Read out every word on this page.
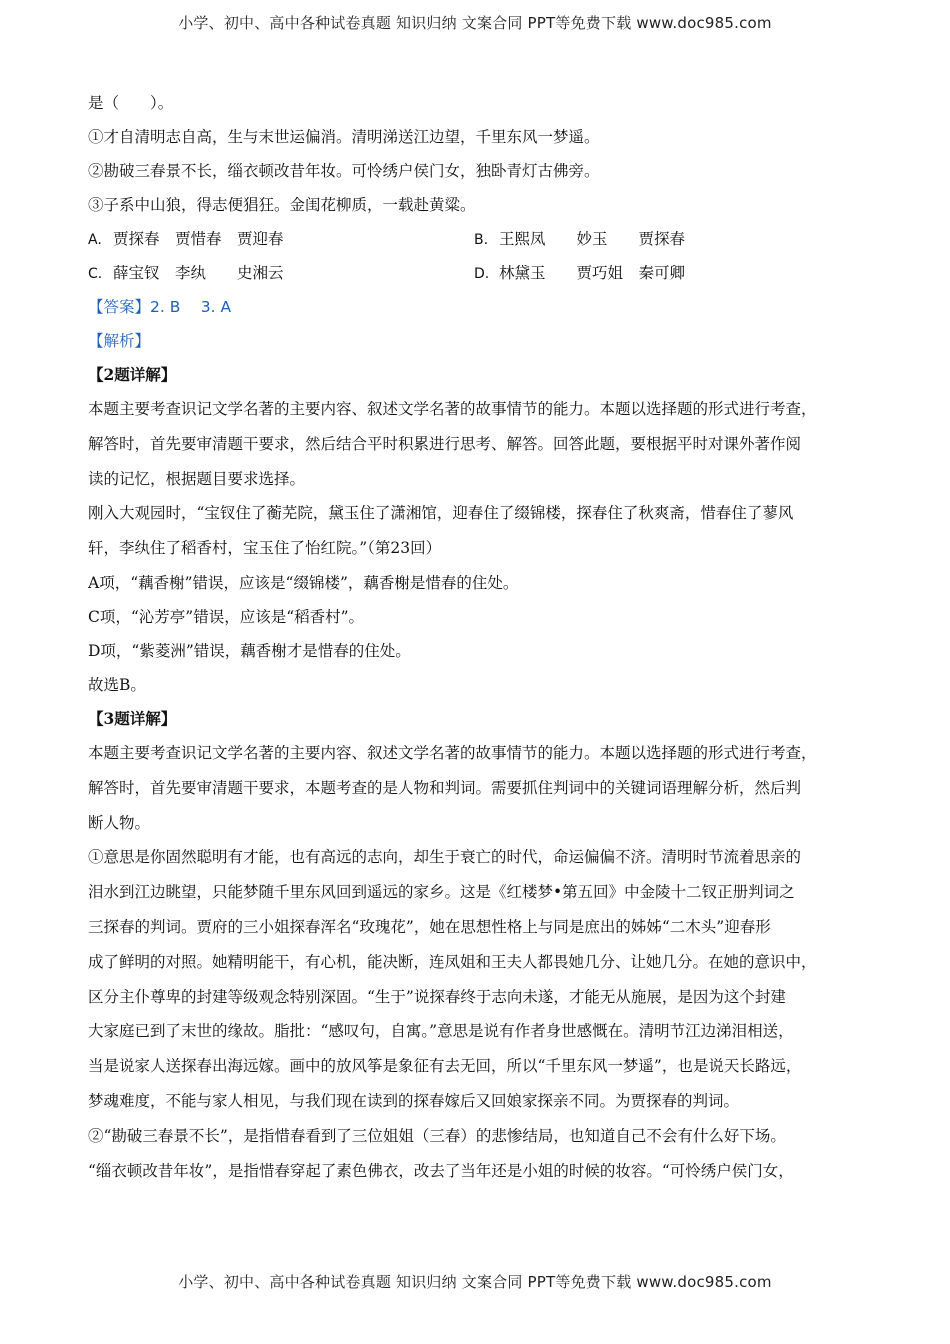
小学、初中、高中各种试卷真题 知识归纳 文案合同 PPT等免费下载 www.doc985.com
是（　　）。
①才自清明志自高，生与末世运偏消。清明涕送江边望，千里东风一梦遥。
②勘破三春景不长，缁衣顿改昔年妆。可怜绣户侯门女，独卧青灯古佛旁。
③子系中山狼，得志便猖狂。金闺花柳质，一载赴黄粱。
A. 贾探春　贾惜春　贾迎春	B. 王熙凤　　妙玉　　贾探春
C. 薛宝钗　李纨　　史湘云	D. 林黛玉　　贾巧姐　秦可卿
【答案】2. B　 3. A
【解析】
【2题详解】
本题主要考查识记文学名著的主要内容、叙述文学名著的故事情节的能力。本题以选择题的形式进行考查，
解答时，首先要审清题干要求，然后结合平时积累进行思考、解答。回答此题，要根据平时对课外著作阅
读的记忆，根据题目要求选择。
刚入大观园时，“宝钗住了蘅芜院，黛玉住了潇湘馆，迎春住了缀锦楼，探春住了秋爽斋，惜春住了蓼风
轩，李纨住了稻香村，宝玉住了怡红院。”（第23回）
A项，“藕香榭”错误，应该是“缀锦楼”，藕香榭是惜春的住处。
C项，“沁芳亭”错误，应该是“稻香村”。
D项，“紫菱洲”错误，藕香榭才是惜春的住处。
故选B。
【3题详解】
本题主要考查识记文学名著的主要内容、叙述文学名著的故事情节的能力。本题以选择题的形式进行考查，
解答时，首先要审清题干要求，本题考查的是人物和判词。需要抓住判词中的关键词语理解分析，然后判
断人物。
①意思是你固然聪明有才能，也有高远的志向，却生于衰亡的时代，命运偏偏不济。清明时节流着思亲的
泪水到江边眺望，只能梦随千里东风回到遥远的家乡。这是《红楼梦•第五回》中金陵十二钗正册判词之
三探春的判词。贾府的三小姐探春浑名“玫瑰花”，她在思想性格上与同是庶出的姊姊“二木头”迎春形
成了鲜明的对照。她精明能干，有心机，能决断，连凤姐和王夫人都畏她几分、让她几分。在她的意识中，
区分主仆尊卑的封建等级观念特别深固。“生于”说探春终于志向未遂，才能无从施展，是因为这个封建
大家庭已到了末世的缘故。脂批：“感叹句，自寓。”意思是说有作者身世感慨在。清明节江边涕泪相送，
当是说家人送探春出海远嫁。画中的放风筝是象征有去无回，所以“千里东风一梦遥”，也是说天长路远，
梦魂难度，不能与家人相见，与我们现在读到的探春嫁后又回娘家探亲不同。为贾探春的判词。
②“勘破三春景不长”，是指惜春看到了三位姐姐（三春）的悲惨结局，也知道自己不会有什么好下场。
“缁衣顿改昔年妆”，是指惜春穿起了素色佛衣，改去了当年还是小姐的时候的妆容。“可怜绣户侯门女，
小学、初中、高中各种试卷真题 知识归纳 文案合同 PPT等免费下载 www.doc985.com
